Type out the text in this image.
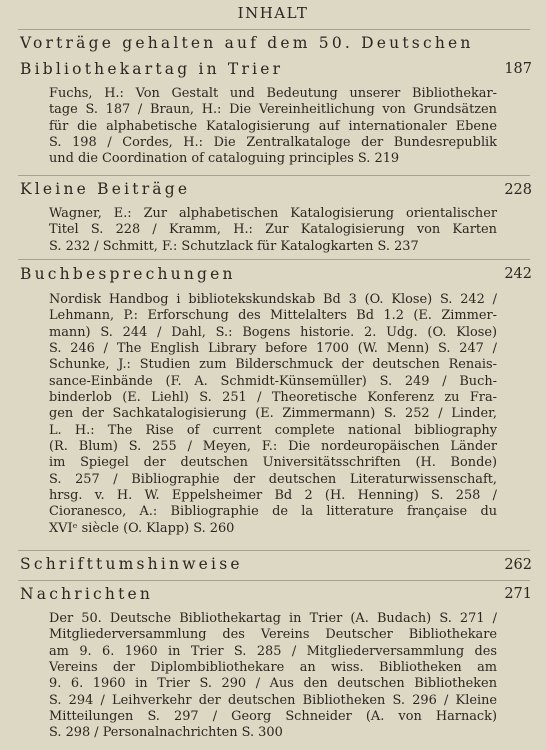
INHALT
Vorträge gehalten auf dem 50. Deutschen
Bibliothekartag in Trier	187
Fuchs, H.: Von Gestalt und Bedeutung unserer Bibliothekar-
tage S. 187 / Braun, H.: Die Vereinheitlichung von Grundsätzen
für die alphabetische Katalogisierung auf internationaler Ebene
S. 198 / Cordes, H.: Die Zentralkataloge der Bundesrepublik
und die Coordination of cataloguing principles S. 219
Kleine Beiträge	228
Wagner, E.: Zur alphabetischen Katalogisierung orientalischer
Titel S. 228 / Kramm, H.: Zur Katalogisierung von Karten
S. 232 / Schmitt, F.: Schutzlack für Katalogkarten S. 237
Buchbesprechungen	242
Nordisk Handbog i bibliotekskundskab Bd 3 (O. Klose) S. 242 /
Lehmann, P.: Erforschung des Mittelalters Bd 1.2 (E. Zimmer-
mann) S. 244 / Dahl, S.: Bogens historie. 2. Udg. (O. Klose)
S. 246 / The English Library before 1700 (W. Menn) S. 247 /
Schunke, J.: Studien zum Bilderschmuck der deutschen Renais-
sance-Einbände (F. A. Schmidt-Künsemüller) S. 249 / Buch-
binderlob (E. Liehl) S. 251 / Theoretische Konferenz zu Fra-
gen der Sachkatalogisierung (E. Zimmermann) S. 252 / Linder,
L. H.: The Rise of current complete national bibliography
(R. Blum) S. 255 / Meyen, F.: Die nordeuropäischen Länder
im Spiegel der deutschen Universitätsschriften (H. Bonde)
S. 257 / Bibliographie der deutschen Literaturwissenschaft,
hrsg. v. H. W. Eppelsheimer Bd 2 (H. Henning) S. 258 /
Cioranesco, A.: Bibliographie de la litterature française du
XVIᵉ siècle (O. Klapp) S. 260
Schrifttumshinweise	262
Nachrichten	271
Der 50. Deutsche Bibliothekartag in Trier (A. Budach) S. 271 /
Mitgliederversammlung des Vereins Deutscher Bibliothekare
am 9. 6. 1960 in Trier S. 285 / Mitgliederversammlung des
Vereins der Diplombibliothekare an wiss. Bibliotheken am
9. 6. 1960 in Trier S. 290 / Aus den deutschen Bibliotheken
S. 294 / Leihverkehr der deutschen Bibliotheken S. 296 / Kleine
Mitteilungen S. 297 / Georg Schneider (A. von Harnack)
S. 298 / Personalnachrichten S. 300
